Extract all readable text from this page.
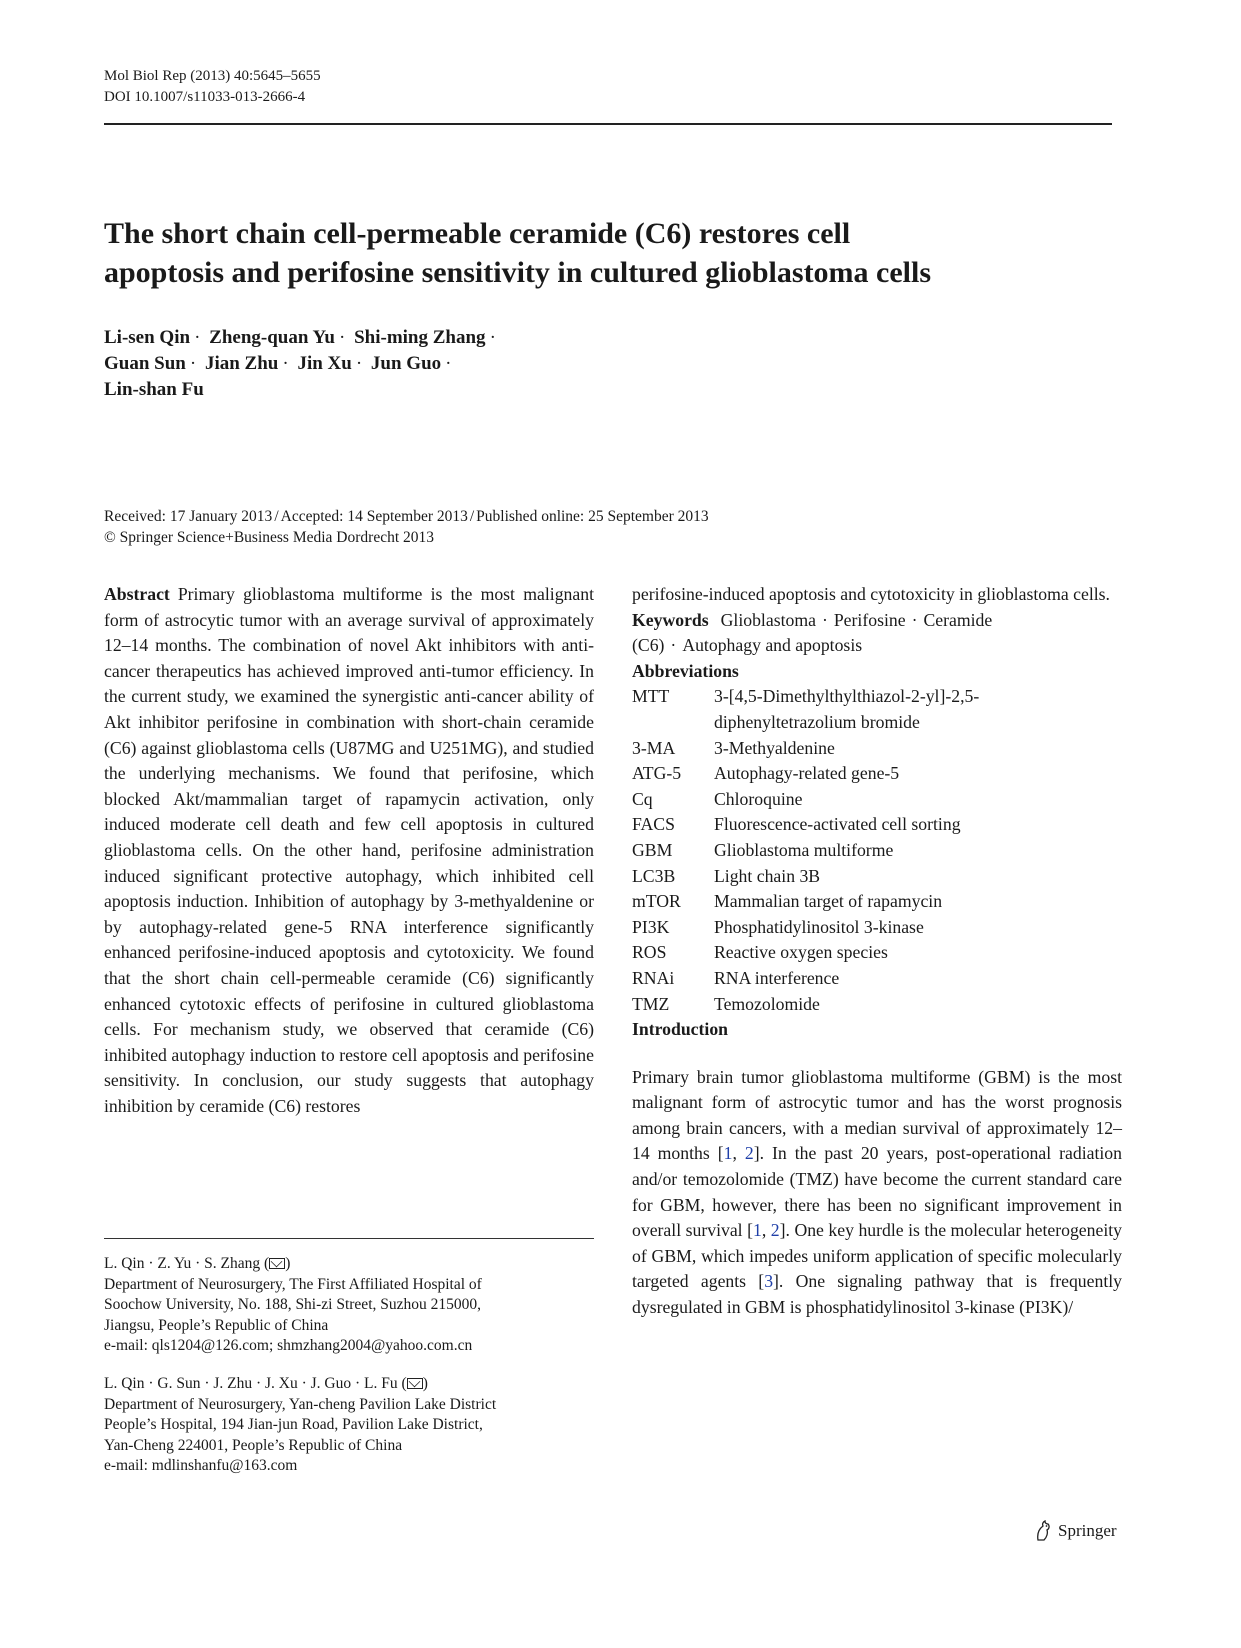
Mol Biol Rep (2013) 40:5645–5655
DOI 10.1007/s11033-013-2666-4
The short chain cell-permeable ceramide (C6) restores cell
apoptosis and perifosine sensitivity in cultured glioblastoma cells
Li-sen Qin · Zheng-quan Yu · Shi-ming Zhang ·
Guan Sun · Jian Zhu · Jin Xu · Jun Guo ·
Lin-shan Fu
Received: 17 January 2013 / Accepted: 14 September 2013 / Published online: 25 September 2013
© Springer Science+Business Media Dordrecht 2013
Abstract Primary glioblastoma multiforme is the most malignant form of astrocytic tumor with an average survival of approximately 12–14 months. The combination of novel Akt inhibitors with anti-cancer therapeutics has achieved improved anti-tumor efficiency. In the current study, we examined the synergistic anti-cancer ability of Akt inhibitor perifosine in combination with short-chain ceramide (C6) against glioblastoma cells (U87MG and U251MG), and studied the underlying mechanisms. We found that perifosine, which blocked Akt/mammalian target of rapamycin activation, only induced moderate cell death and few cell apoptosis in cultured glioblastoma cells. On the other hand, perifosine administration induced significant protective autophagy, which inhibited cell apoptosis induction. Inhibition of autophagy by 3-methyaldenine or by autophagy-related gene-5 RNA interference significantly enhanced perifosine-induced apoptosis and cytotoxicity. We found that the short chain cell-permeable ceramide (C6) significantly enhanced cytotoxic effects of perifosine in cultured glioblastoma cells. For mechanism study, we observed that ceramide (C6) inhibited autophagy induction to restore cell apoptosis and perifosine sensitivity. In conclusion, our study suggests that autophagy inhibition by ceramide (C6) restores

perifosine-induced apoptosis and cytotoxicity in glioblastoma cells.

Keywords Glioblastoma · Perifosine · Ceramide (C6) · Autophagy and apoptosis

Abbreviations

MTT	3-[4,5-Dimethylthylthiazol-2-yl]-2,5-diphenyltetrazolium bromide
3-MA	3-Methyaldenine
ATG-5	Autophagy-related gene-5
Cq	Chloroquine
FACS	Fluorescence-activated cell sorting
GBM	Glioblastoma multiforme
LC3B	Light chain 3B
mTOR	Mammalian target of rapamycin
PI3K	Phosphatidylinositol 3-kinase
ROS	Reactive oxygen species
RNAi	RNA interference
TMZ	Temozolomide

Introduction

Primary brain tumor glioblastoma multiforme (GBM) is the most malignant form of astrocytic tumor and has the worst prognosis among brain cancers, with a median survival of approximately 12–14 months [1, 2]. In the past 20 years, post-operational radiation and/or temozolomide (TMZ) have become the current standard care for GBM, however, there has been no significant improvement in overall survival [1, 2]. One key hurdle is the molecular heterogeneity of GBM, which impedes uniform application of specific molecularly targeted agents [3]. One signaling pathway that is frequently dysregulated in GBM is phosphatidylinositol 3-kinase (PI3K)/

L. Qin · Z. Yu · S. Zhang ( )
Department of Neurosurgery, The First Affiliated Hospital of
Soochow University, No. 188, Shi-zi Street, Suzhou 215000,
Jiangsu, People’s Republic of China
e-mail: qls1204@126.com; shmzhang2004@yahoo.com.cn
L. Qin · G. Sun · J. Zhu · J. Xu · J. Guo · L. Fu ( )
Department of Neurosurgery, Yan-cheng Pavilion Lake District
People’s Hospital, 194 Jian-jun Road, Pavilion Lake District,
Yan-Cheng 224001, People’s Republic of China
e-mail: mdlinshanfu@163.com
Springer
